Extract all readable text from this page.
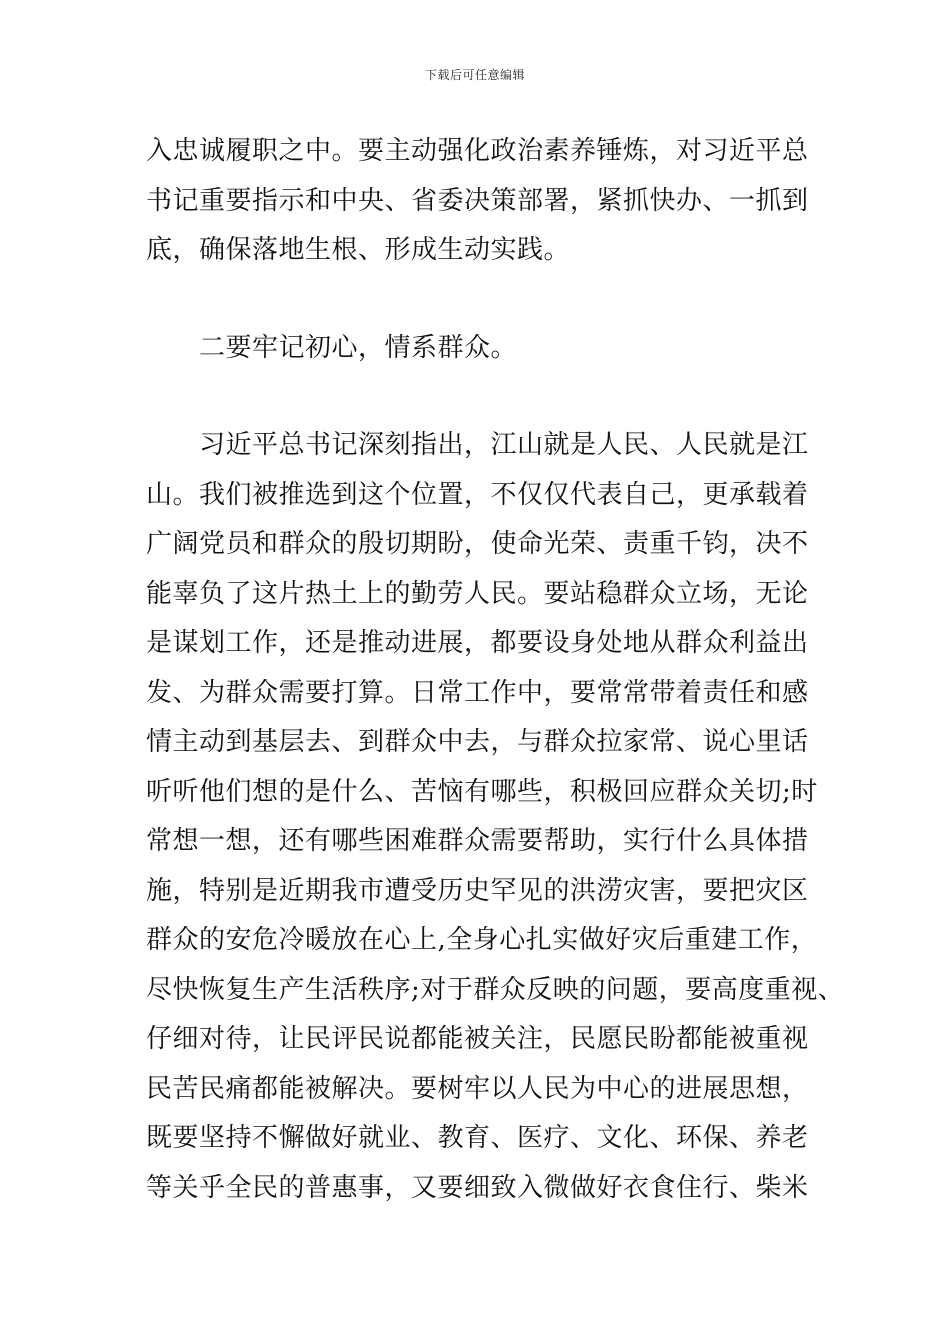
下载后可任意编辑
入忠诚履职之中。要主动强化政治素养锤炼，对习近平总
书记重要指示和中央、省委决策部署，紧抓快办、一抓到
底，确保落地生根、形成生动实践。
　　二要牢记初心，情系群众。
　　习近平总书记深刻指出，江山就是人民、人民就是江
山。我们被推选到这个位置，不仅仅代表自己，更承载着
广阔党员和群众的殷切期盼，使命光荣、责重千钧，决不
能辜负了这片热土上的勤劳人民。要站稳群众立场，无论
是谋划工作，还是推动进展，都要设身处地从群众利益出
发、为群众需要打算。日常工作中，要常常带着责任和感
情主动到基层去、到群众中去，与群众拉家常、说心里话
听听他们想的是什么、苦恼有哪些，积极回应群众关切;时
常想一想，还有哪些困难群众需要帮助，实行什么具体措
施，特别是近期我市遭受历史罕见的洪涝灾害，要把灾区
群众的安危冷暖放在心上,全身心扎实做好灾后重建工作，
尽快恢复生产生活秩序;对于群众反映的问题，要高度重视、
仔细对待，让民评民说都能被关注，民愿民盼都能被重视
民苦民痛都能被解决。要树牢以人民为中心的进展思想，
既要坚持不懈做好就业、教育、医疗、文化、环保、养老
等关乎全民的普惠事，又要细致入微做好衣食住行、柴米
